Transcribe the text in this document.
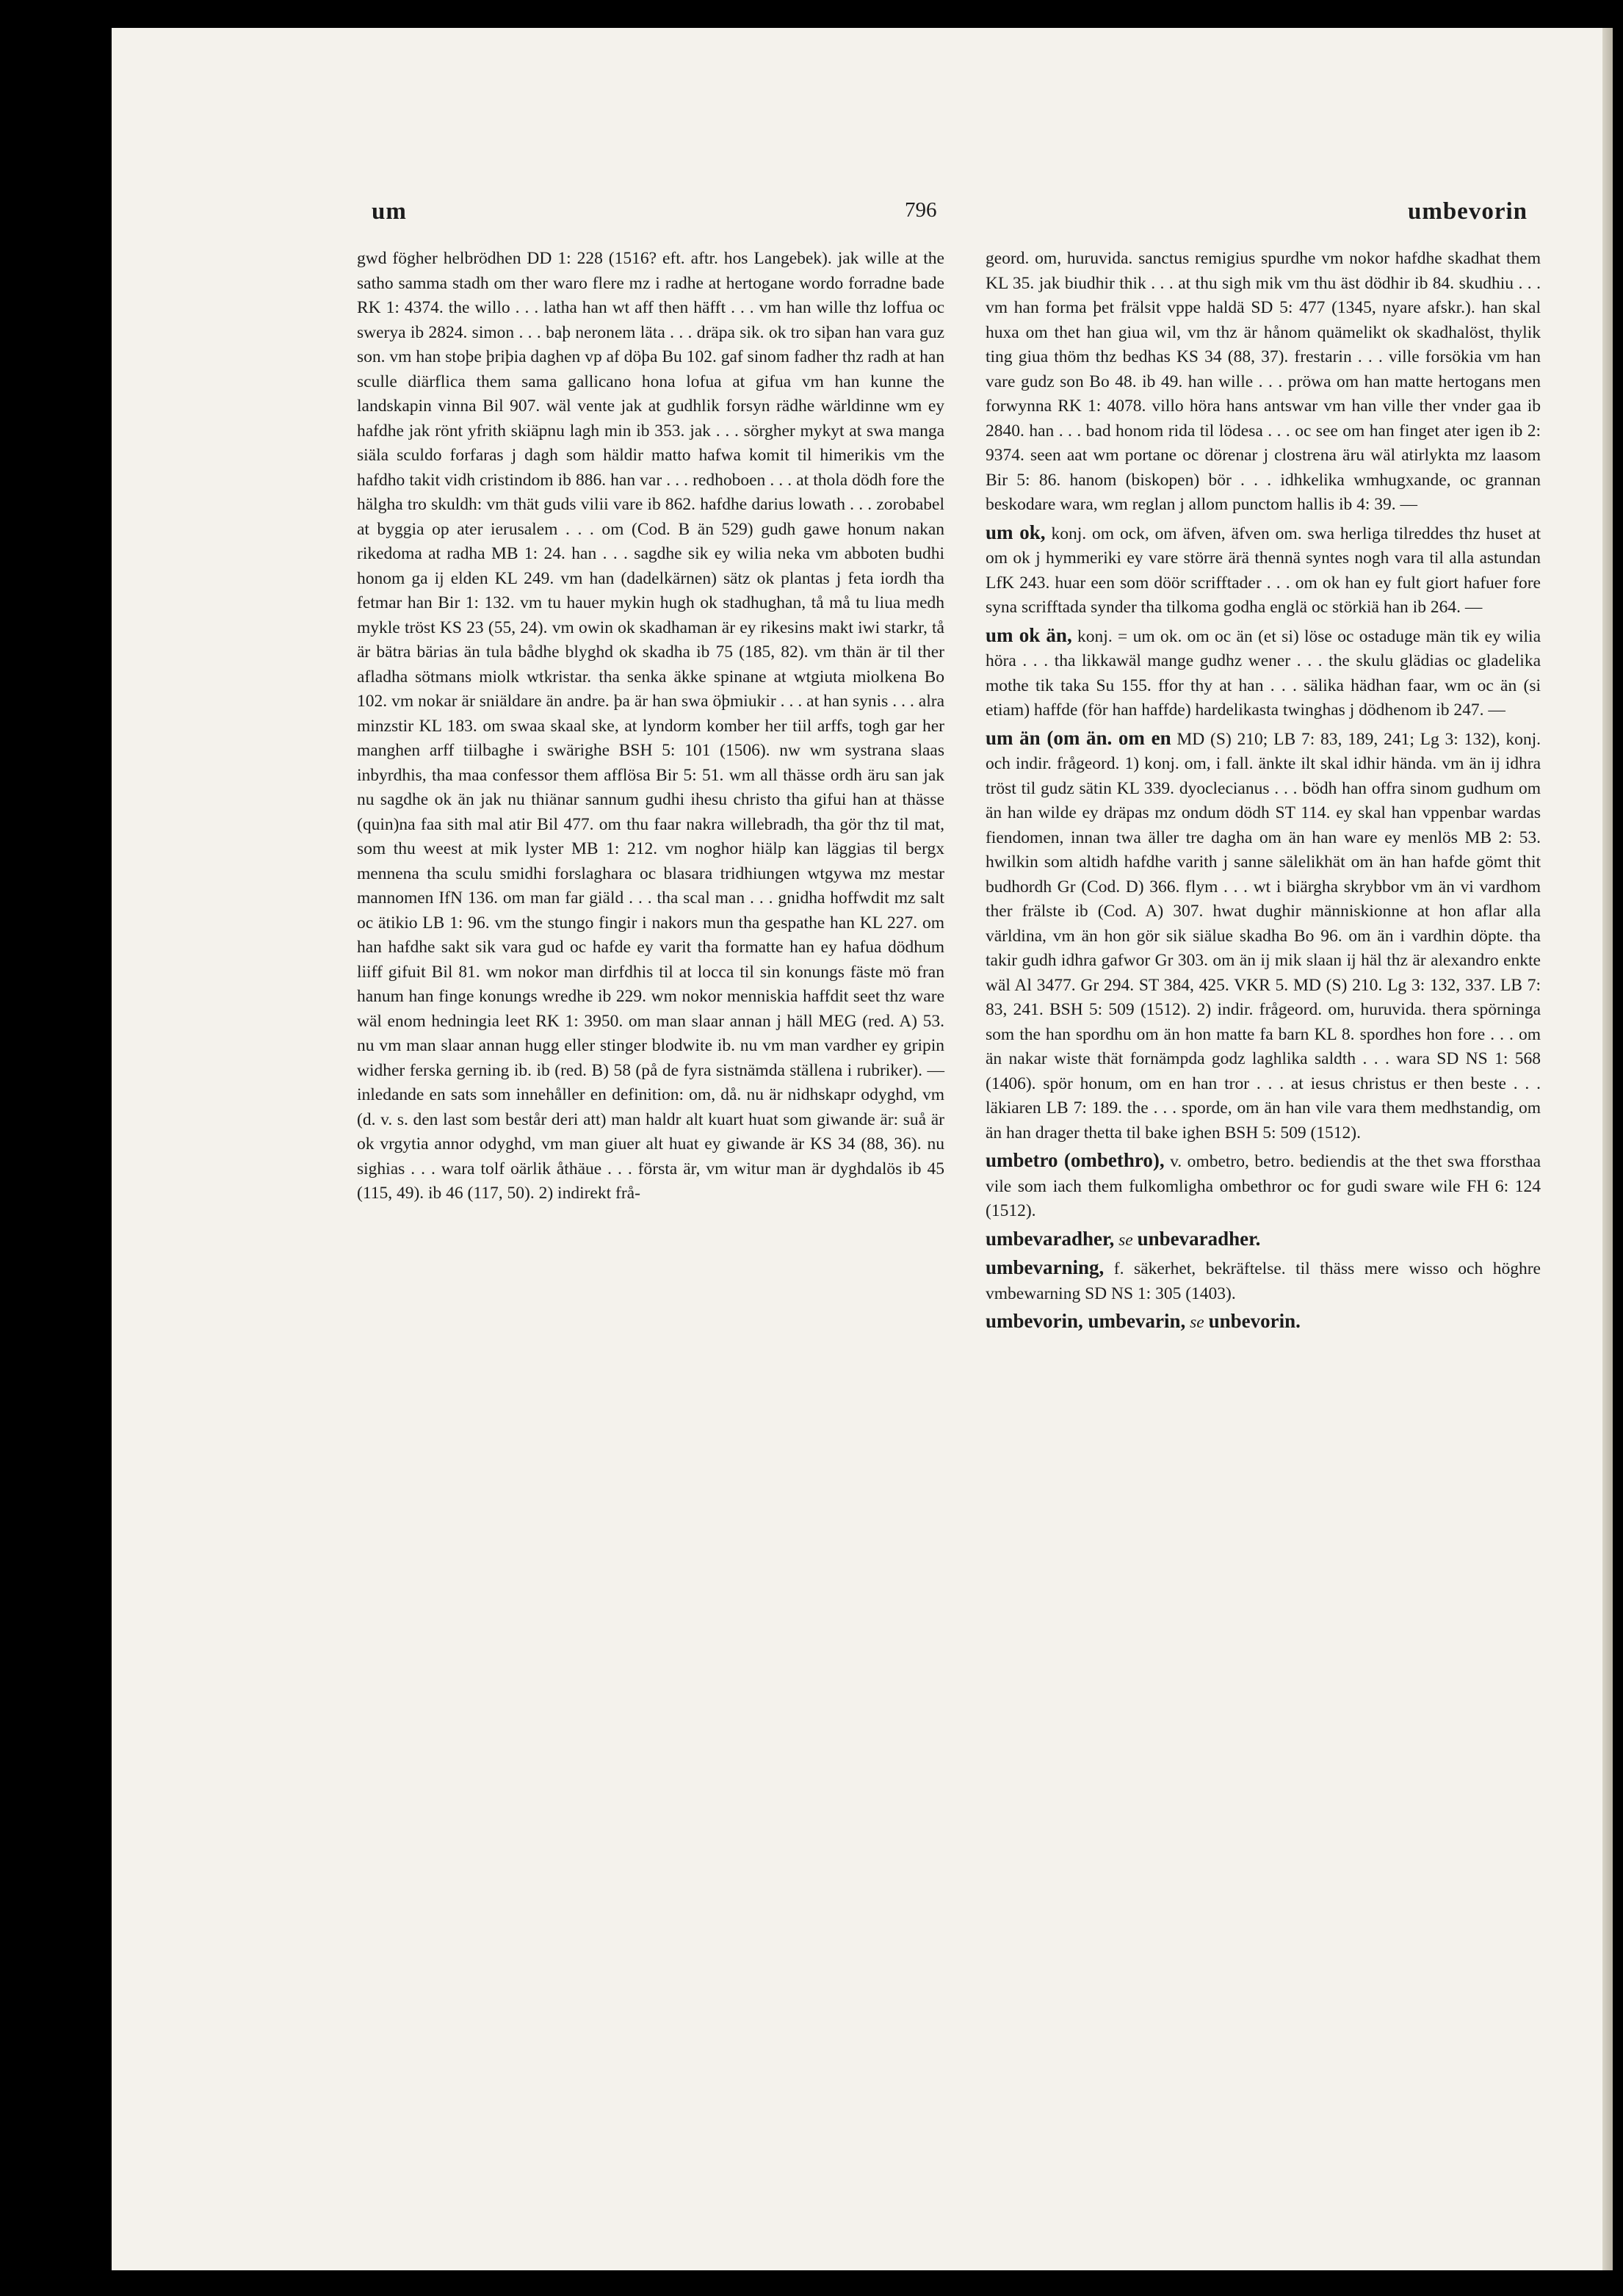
um	796	umbevorin

gwd fögher helbrödhen DD 1: 228 (1516? eft. aftr. hos Langebek). jak wille at the satho samma stadh om ther waro flere mz i radhe at hertogane wordo forradne bade RK 1: 4374. the willo . . . latha han wt aff then häfft . . . vm han wille thz loffua oc swerya ib 2824. simon . . . baþ neronem läta . . . dräpa sik. ok tro siþan han vara guz son. vm han stoþe þriþia daghen vp af döþa Bu 102. gaf sinom fadher thz radh at han sculle diärflica them sama gallicano hona lofua at gifua vm han kunne the landskapin vinna Bil 907. wäl vente jak at gudhlik forsyn rädhe wärldinne wm ey hafdhe jak rönt yfrith skiäpnu lagh min ib 353. jak . . . sörgher mykyt at swa manga siäla sculdo forfaras j dagh som häldir matto hafwa komit til himerikis vm the hafdho takit vidh cristindom ib 886. han var . . . redhoboen . . . at thola dödh fore the hälgha tro skuldh: vm thät guds vilii vare ib 862. hafdhe darius lowath . . . zorobabel at byggia op ater ierusalem . . . om (Cod. B än 529) gudh gawe honum nakan rikedoma at radha MB 1: 24. han . . . sagdhe sik ey wilia neka vm abboten budhi honom ga ij elden KL 249. vm han (dadelkärnen) sätz ok plantas j feta iordh tha fetmar han Bir 1: 132. vm tu hauer mykin hugh ok stadhughan, tå må tu liua medh mykle tröst KS 23 (55, 24). vm owin ok skadhaman är ey rikesins makt iwi starkr, tå är bätra bärias än tula bådhe blyghd ok skadha ib 75 (185, 82). vm thän är til ther afladha sötmans miolk wtkristar. tha senka äkke spinane at wtgiuta miolkena Bo 102. vm nokar är sniäldare än andre. þa är han swa öþmiukir . . . at han synis . . . alra minzstir KL 183. om swaa skaal ske, at lyndorm komber her tiil arffs, togh gar her manghen arff tiilbaghe i swärighe BSH 5: 101 (1506). nw wm systrana slaas inbyrdhis, tha maa confessor them afflösa Bir 5: 51. wm all thässe ordh äru san jak nu sagdhe ok än jak nu thiänar sannum gudhi ihesu christo tha gifui han at thässe (quin)na faa sith mal atir Bil 477. om thu faar nakra willebradh, tha gör thz til mat, som thu weest at mik lyster MB 1: 212. vm noghor hiälp kan läggias til bergx mennena tha sculu smidhi forslaghara oc blasara tridhiungen wtgywa mz mestar mannomen IfN 136. om man far giäld . . . tha scal man . . . gnidha hoffwdit mz salt oc ätikio LB 1: 96. vm the stungo fingir i nakors mun tha gespathe han KL 227. om han hafdhe sakt sik vara gud oc hafde ey varit tha formatte han ey hafua dödhum liiff gifuit Bil 81. wm nokor man dirfdhis til at locca til sin konungs fäste mö fran hanum han finge konungs wredhe ib 229. wm nokor menniskia haffdit seet thz ware wäl enom hedningia leet RK 1: 3950. om man slaar annan j häll MEG (red. A) 53. nu vm man slaar annan hugg eller stinger blodwite ib. nu vm man vardher ey gripin widher ferska gerning ib. ib (red. B) 58 (på de fyra sistnämda ställena i rubriker). — inledande en sats som innehåller en definition: om, då. nu är nidhskapr odyghd, vm (d. v. s. den last som består deri att) man haldr alt kuart huat som giwande är: suå är ok vrgytia annor odyghd, vm man giuer alt huat ey giwande är KS 34 (88, 36). nu sighias . . . wara tolf oärlik åthäue . . . första är, vm witur man är dyghdalös ib 45 (115, 49). ib 46 (117, 50). 2) indirekt frå-

geord. om, huruvida. sanctus remigius spurdhe vm nokor hafdhe skadhat them KL 35. jak biudhir thik . . . at thu sigh mik vm thu äst dödhir ib 84. skudhiu . . . vm han forma þet frälsit vppe haldä SD 5: 477 (1345, nyare afskr.). han skal huxa om thet han giua wil, vm thz är hånom quämelikt ok skadhalöst, thylik ting giua thöm thz bedhas KS 34 (88, 37). frestarin . . . ville forsökia vm han vare gudz son Bo 48. ib 49. han wille . . . pröwa om han matte hertogans men forwynna RK 1: 4078. villo höra hans antswar vm han ville ther vnder gaa ib 2840. han . . . bad honom rida til lödesa . . . oc see om han finget ater igen ib 2: 9374. seen aat wm portane oc dörenar j clostrena äru wäl atirlykta mz laasom Bir 5: 86. hanom (biskopen) bör . . . idhkelika wmhugxande, oc grannan beskodare wara, wm reglan j allom punctom hallis ib 4: 39. —

um ok, konj. om ock, om äfven, äfven om. swa herliga tilreddes thz huset at om ok j hymmeriki ey vare större ärä thennä syntes nogh vara til alla astundan LfK 243. huar een som döör scrifftader . . . om ok han ey fult giort hafuer fore syna scrifftada synder tha tilkoma godha englä oc störkiä han ib 264. —

um ok än, konj. = um ok. om oc än (et si) löse oc ostaduge män tik ey wilia höra . . . tha likkawäl mange gudhz wener . . . the skulu glädias oc gladelika mothe tik taka Su 155. ffor thy at han . . . sälika hädhan faar, wm oc än (si etiam) haffde (för han haffde) hardelikasta twinghas j dödhenom ib 247. —

um än (om än. om en MD (S) 210; LB 7: 83, 189, 241; Lg 3: 132), konj. och indir. frågeord. 1) konj. om, i fall. änkte ilt skal idhir hända. vm än ij idhra tröst til gudz sätin KL 339. dyoclecianus . . . bödh han offra sinom gudhum om än han wilde ey dräpas mz ondum dödh ST 114. ey skal han vppenbar wardas fiendomen, innan twa äller tre dagha om än han ware ey menlös MB 2: 53. hwilkin som altidh hafdhe varith j sanne sälelikhät om än han hafde gömt thit budhordh Gr (Cod. D) 366. flym . . . wt i biärgha skrybbor vm än vi vardhom ther frälste ib (Cod. A) 307. hwat dughir människionne at hon aflar alla världina, vm än hon gör sik siälue skadha Bo 96. om än i vardhin döpte. tha takir gudh idhra gafwor Gr 303. om än ij mik slaan ij häl thz är alexandro enkte wäl Al 3477. Gr 294. ST 384, 425. VKR 5. MD (S) 210. Lg 3: 132, 337. LB 7: 83, 241. BSH 5: 509 (1512). 2) indir. frågeord. om, huruvida. thera spörninga som the han spordhu om än hon matte fa barn KL 8. spordhes hon fore . . . om än nakar wiste thät fornämpda godz laghlika saldth . . . wara SD NS 1: 568 (1406). spör honum, om en han tror . . . at iesus christus er then beste . . . läkiaren LB 7: 189. the . . . sporde, om än han vile vara them medhstandig, om än han drager thetta til bake ighen BSH 5: 509 (1512).

umbetro (ombethro), v. ombetro, betro. bediendis at the thet swa fforsthaa vile som iach them fulkomligha ombethror oc for gudi sware wile FH 6: 124 (1512).

umbevaradher, se unbevaradher.

umbevarning, f. säkerhet, bekräftelse. til thäss mere wisso och höghre vmbewarning SD NS 1: 305 (1403).

umbevorin, umbevarin, se unbevorin.
